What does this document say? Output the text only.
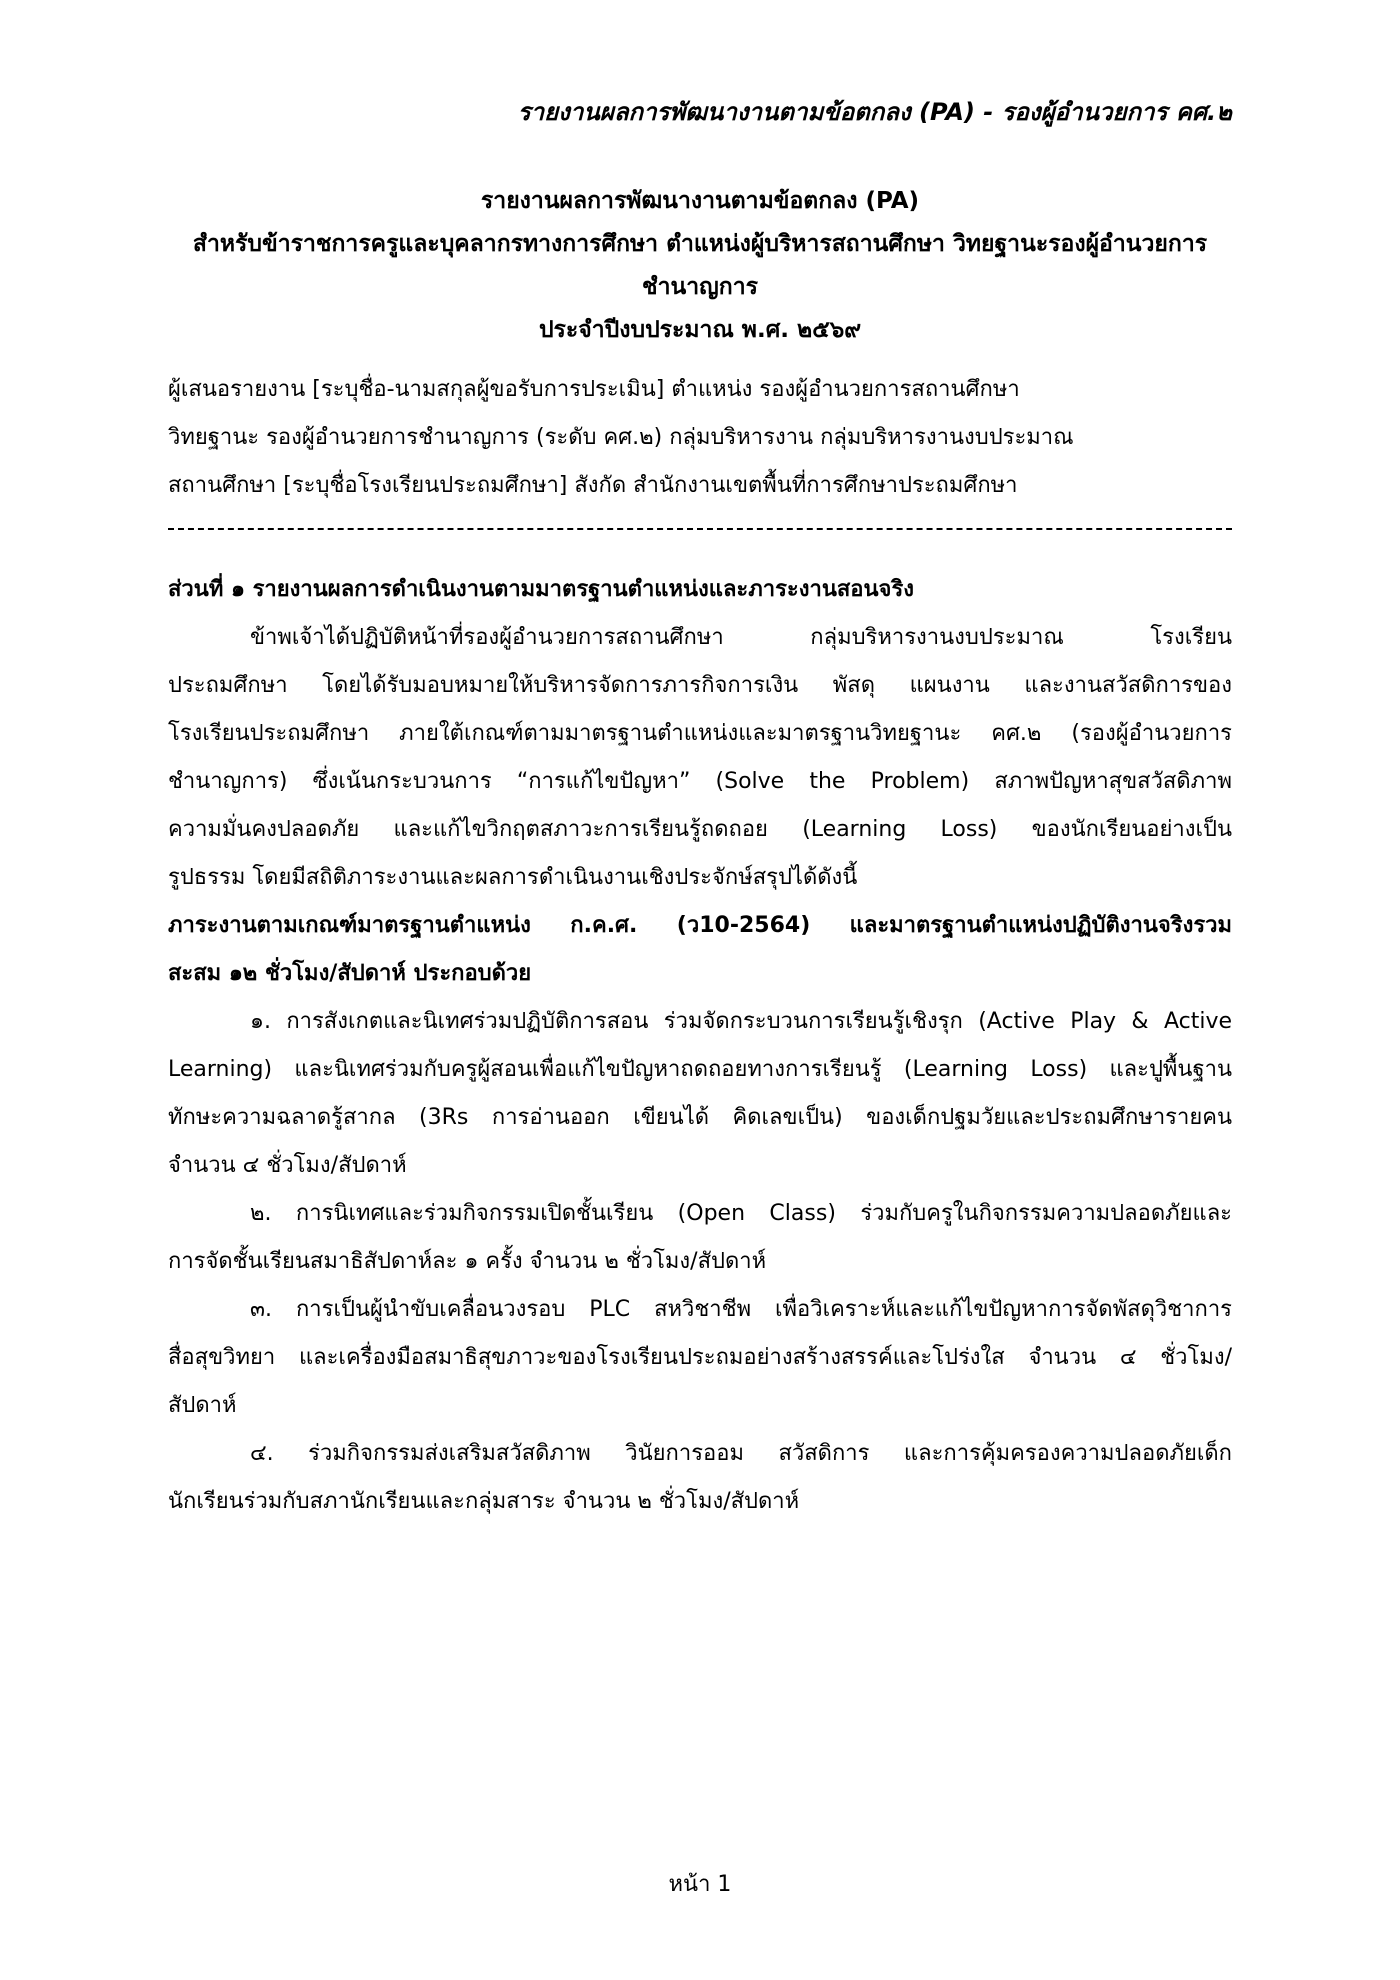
รายงานผลการพัฒนางานตามข้อตกลง (PA) - รองผู้อำนวยการ คศ.๒
รายงานผลการพัฒนางานตามข้อตกลง (PA)
สำหรับข้าราชการครูและบุคลากรทางการศึกษา ตำแหน่งผู้บริหารสถานศึกษา วิทยฐานะรองผู้อำนวยการ
ชำนาญการ
ประจำปีงบประมาณ พ.ศ. ๒๕๖๙
ผู้เสนอรายงาน [ระบุชื่อ-นามสกุลผู้ขอรับการประเมิน] ตำแหน่ง รองผู้อำนวยการสถานศึกษา
วิทยฐานะ รองผู้อำนวยการชำนาญการ (ระดับ คศ.๒) กลุ่มบริหารงาน กลุ่มบริหารงานงบประมาณ
สถานศึกษา [ระบุชื่อโรงเรียนประถมศึกษา] สังกัด สำนักงานเขตพื้นที่การศึกษาประถมศึกษา
ส่วนที่ ๑ รายงานผลการดำเนินงานตามมาตรฐานตำแหน่งและภาระงานสอนจริง
ข้าพเจ้าได้ปฏิบัติหน้าที่รองผู้อำนวยการสถานศึกษา กลุ่มบริหารงานงบประมาณ โรงเรียน
ประถมศึกษา โดยได้รับมอบหมายให้บริหารจัดการภารกิจการเงิน พัสดุ แผนงาน และงานสวัสดิการของ
โรงเรียนประถมศึกษา ภายใต้เกณฑ์ตามมาตรฐานตำแหน่งและมาตรฐานวิทยฐานะ คศ.๒ (รองผู้อำนวยการ
ชำนาญการ) ซึ่งเน้นกระบวนการ “การแก้ไขปัญหา” (Solve the Problem) สภาพปัญหาสุขสวัสดิภาพ
ความมั่นคงปลอดภัย และแก้ไขวิกฤตสภาวะการเรียนรู้ถดถอย (Learning Loss) ของนักเรียนอย่างเป็น
รูปธรรม โดยมีสถิติภาระงานและผลการดำเนินงานเชิงประจักษ์สรุปได้ดังนี้
ภาระงานตามเกณฑ์มาตรฐานตำแหน่ง ก.ค.ศ. (ว10-2564) และมาตรฐานตำแหน่งปฏิบัติงานจริงรวม
สะสม ๑๒ ชั่วโมง/สัปดาห์ ประกอบด้วย
๑. การสังเกตและนิเทศร่วมปฏิบัติการสอน ร่วมจัดกระบวนการเรียนรู้เชิงรุก (Active Play & Active
Learning) และนิเทศร่วมกับครูผู้สอนเพื่อแก้ไขปัญหาถดถอยทางการเรียนรู้ (Learning Loss) และปูพื้นฐาน
ทักษะความฉลาดรู้สากล (3Rs การอ่านออก เขียนได้ คิดเลขเป็น) ของเด็กปฐมวัยและประถมศึกษารายคน
จำนวน ๔ ชั่วโมง/สัปดาห์
๒. การนิเทศและร่วมกิจกรรมเปิดชั้นเรียน (Open Class) ร่วมกับครูในกิจกรรมความปลอดภัยและ
การจัดชั้นเรียนสมาธิสัปดาห์ละ ๑ ครั้ง จำนวน ๒ ชั่วโมง/สัปดาห์
๓. การเป็นผู้นำขับเคลื่อนวงรอบ PLC สหวิชาชีพ เพื่อวิเคราะห์และแก้ไขปัญหาการจัดพัสดุวิชาการ
สื่อสุขวิทยา และเครื่องมือสมาธิสุขภาวะของโรงเรียนประถมอย่างสร้างสรรค์และโปร่งใส จำนวน ๔ ชั่วโมง/
สัปดาห์
๔. ร่วมกิจกรรมส่งเสริมสวัสดิภาพ วินัยการออม สวัสดิการ และการคุ้มครองความปลอดภัยเด็ก
นักเรียนร่วมกับสภานักเรียนและกลุ่มสาระ จำนวน ๒ ชั่วโมง/สัปดาห์
หน้า 1
